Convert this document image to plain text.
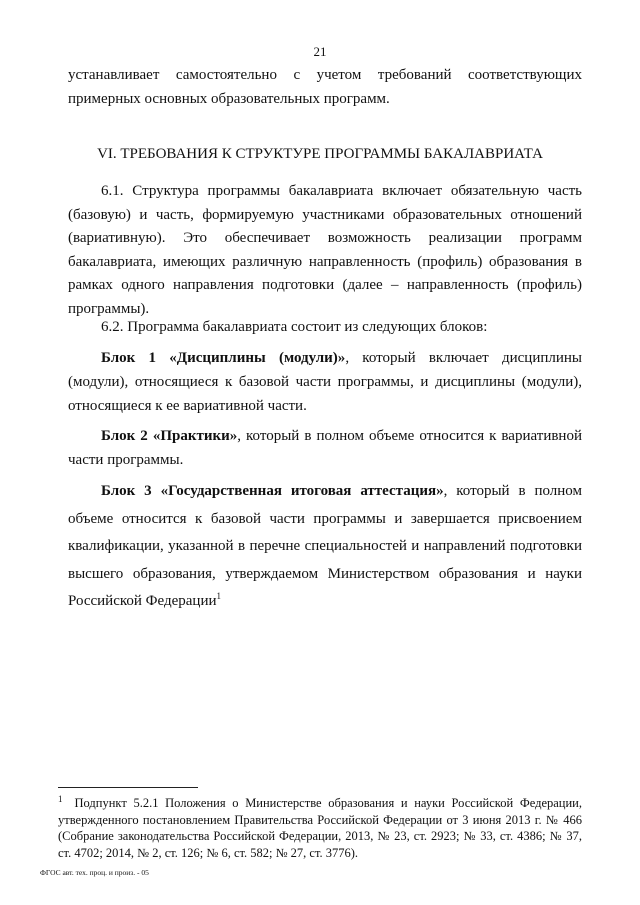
21

устанавливает самостоятельно с учетом требований соответствующих примерных основных образовательных программ.

VI. ТРЕБОВАНИЯ К СТРУКТУРЕ ПРОГРАММЫ БАКАЛАВРИАТА

6.1. Структура программы бакалавриата включает обязательную часть (базовую) и часть, формируемую участниками образовательных отношений (вариативную). Это обеспечивает возможность реализации программ бакалавриата, имеющих различную направленность (профиль) образования в рамках одного направления подготовки (далее – направленность (профиль) программы).

6.2. Программа бакалавриата состоит из следующих блоков:

Блок 1 «Дисциплины (модули)», который включает дисциплины (модули), относящиеся к базовой части программы, и дисциплины (модули), относящиеся к ее вариативной части.

Блок 2 «Практики», который в полном объеме относится к вариативной части программы.

Блок 3 «Государственная итоговая аттестация», который в полном объеме относится к базовой части программы и завершается присвоением квалификации, указанной в перечне специальностей и направлений подготовки высшего образования, утверждаемом Министерством образования и науки Российской Федерации$^1$

$^1$ Подпункт 5.2.1 Положения о Министерстве образования и науки Российской Федерации, утвержденного постановлением Правительства Российской Федерации от 3 июня 2013 г. № 466 (Собрание законодательства Российской Федерации, 2013, № 23, ст. 2923; № 33, ст. 4386; № 37, ст. 4702; 2014, № 2, ст. 126; № 6, ст. 582; № 27, ст. 3776).
ФГОС авт. тех. проц. и произ. - 05
